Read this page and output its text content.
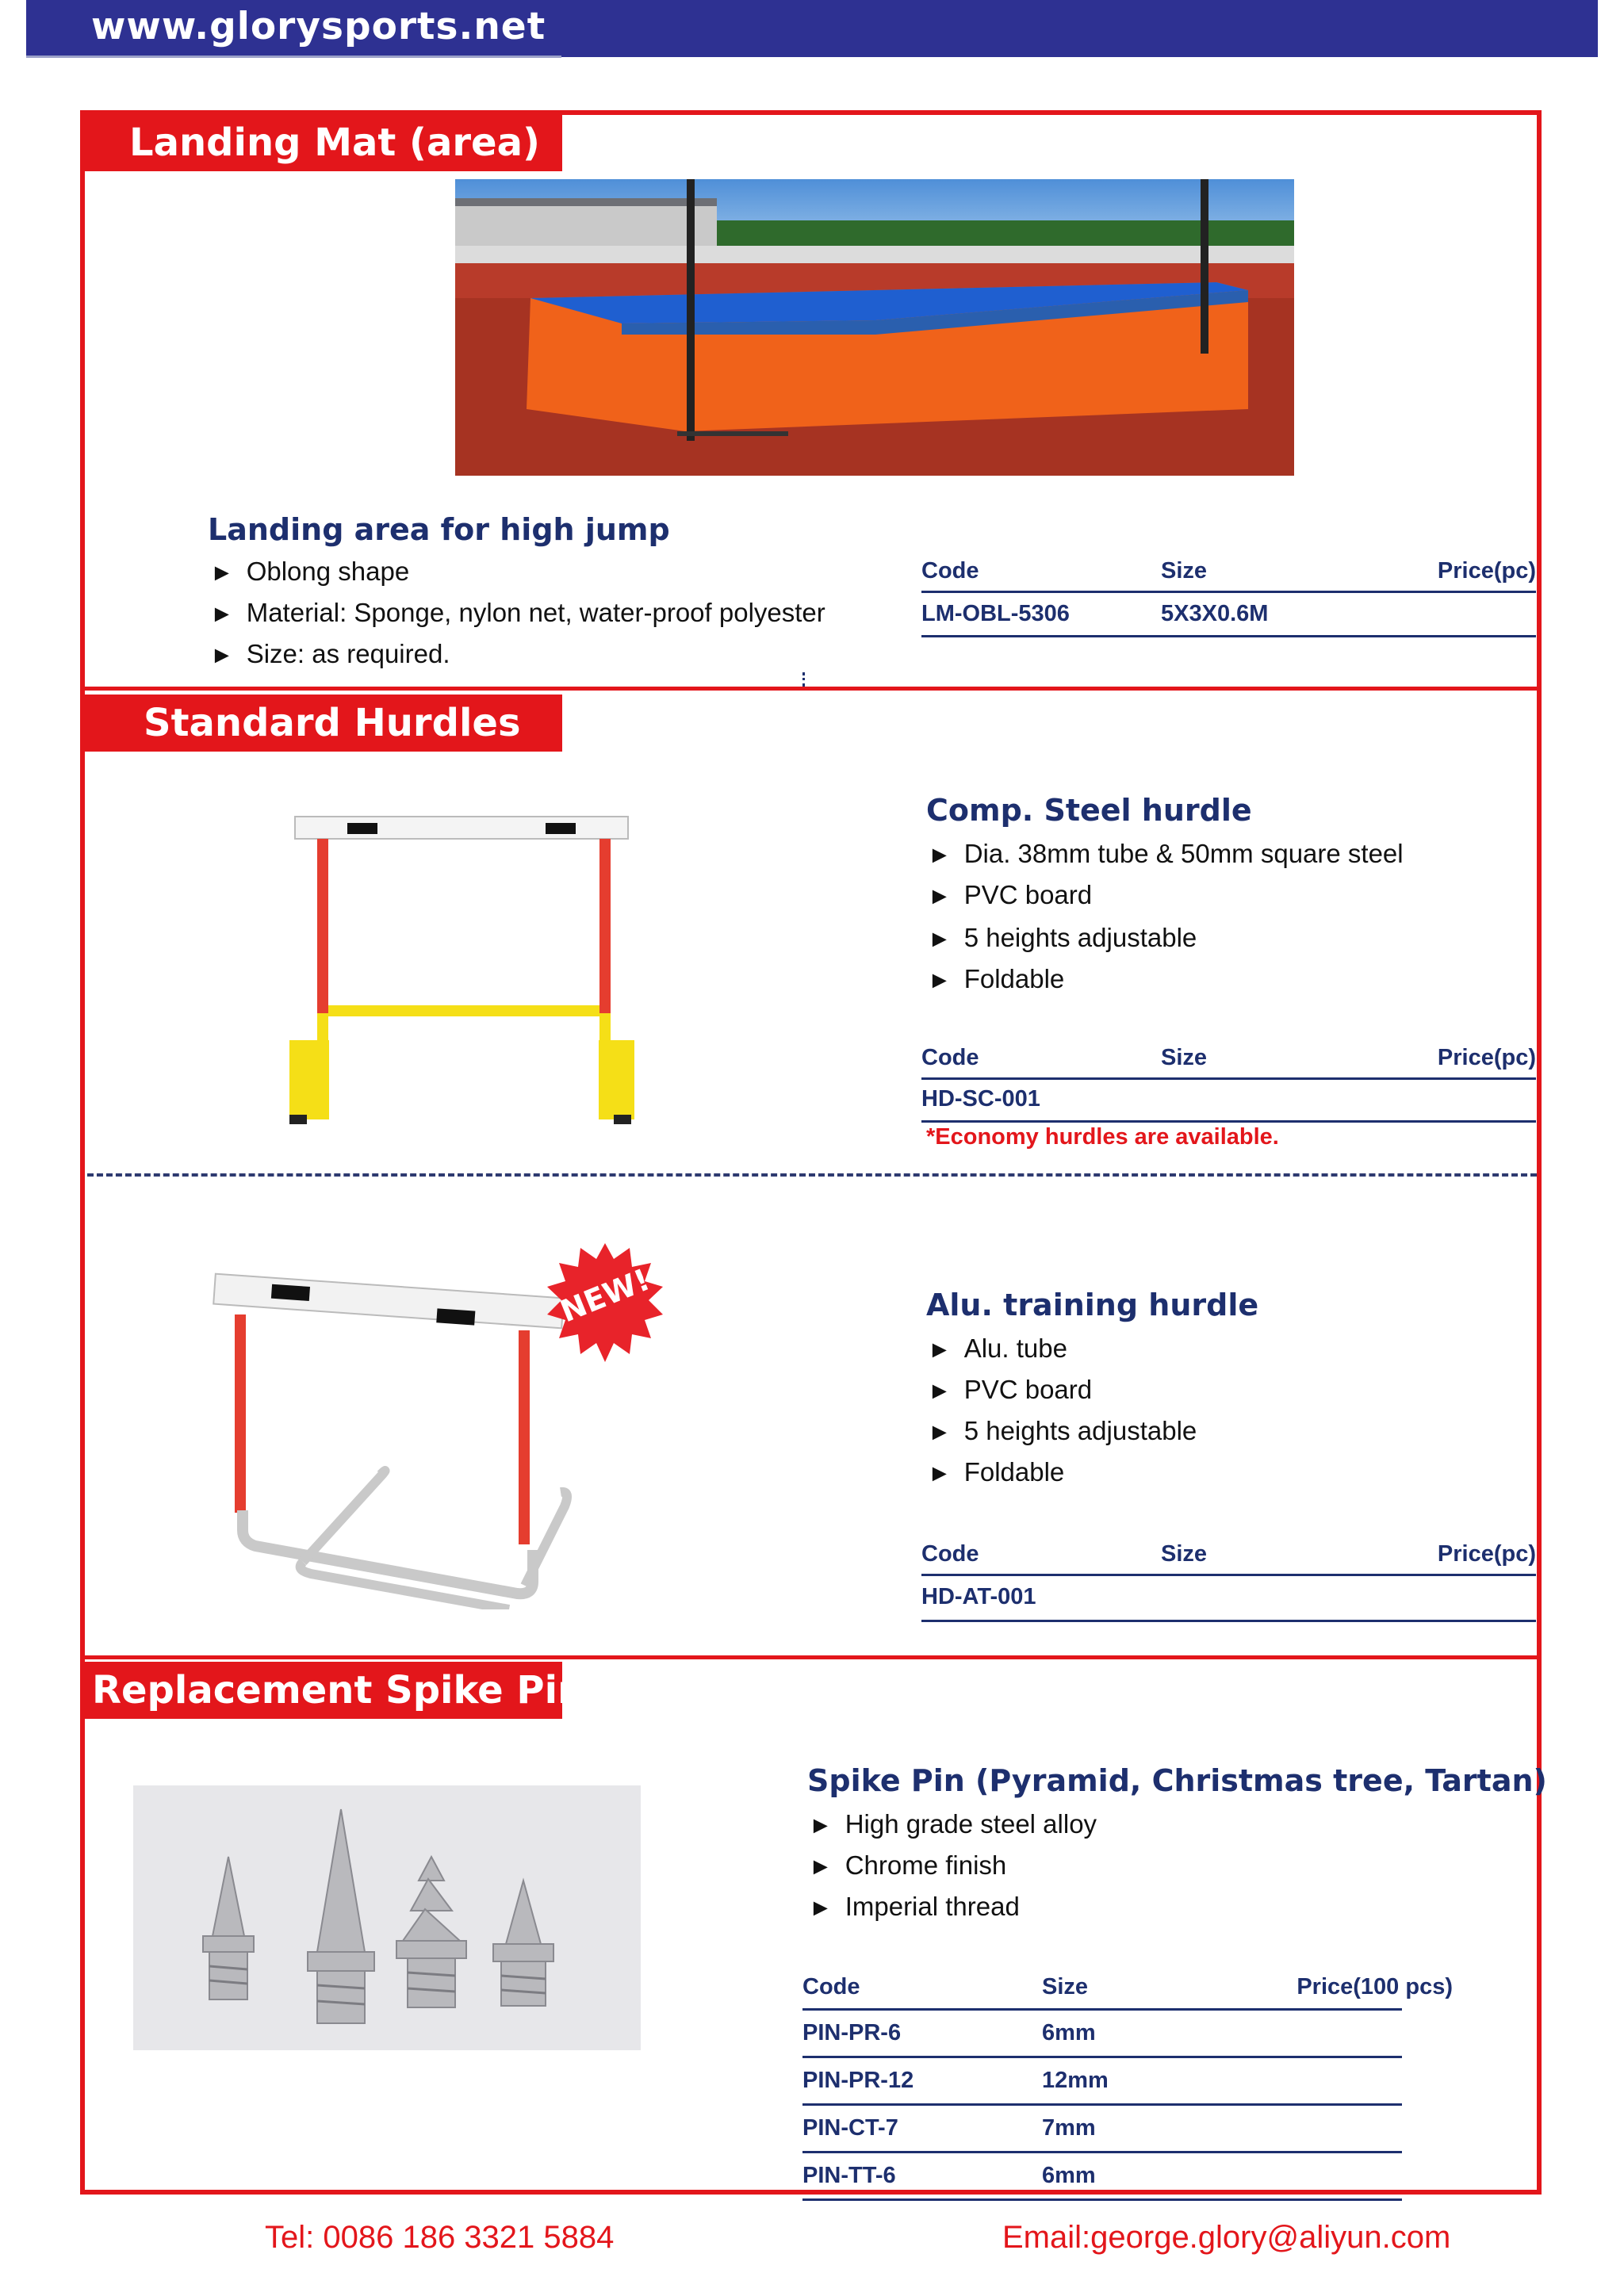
www.glorysports.net
Landing Mat (area)
Landing area for high jump
► Oblong shape
► Material: Sponge, nylon net, water-proof polyester
► Size: as required.
Code	Size	Price(pc)
LM-OBL-5306	5X3X0.6M
Standard Hurdles
Comp. Steel hurdle
► Dia. 38mm tube & 50mm square steel
► PVC board
► 5 heights adjustable
► Foldable
Code	Size	Price(pc)
HD-SC-001
*Economy hurdles are available.
NEW!	Alu. training hurdle
► Alu. tube
► PVC board
► 5 heights adjustable
► Foldable
Code	Size	Price(pc)
HD-AT-001
Replacement Spike Pin
Spike Pin (Pyramid, Christmas tree, Tartan)
► High grade steel alloy
► Chrome finish
► Imperial thread
Code	Size	Price(100 pcs)
PIN-PR-6	6mm
PIN-PR-12	12mm
PIN-CT-7	7mm
PIN-TT-6	6mm
Tel: 0086 186 3321 5884	Email:george.glory@aliyun.com
